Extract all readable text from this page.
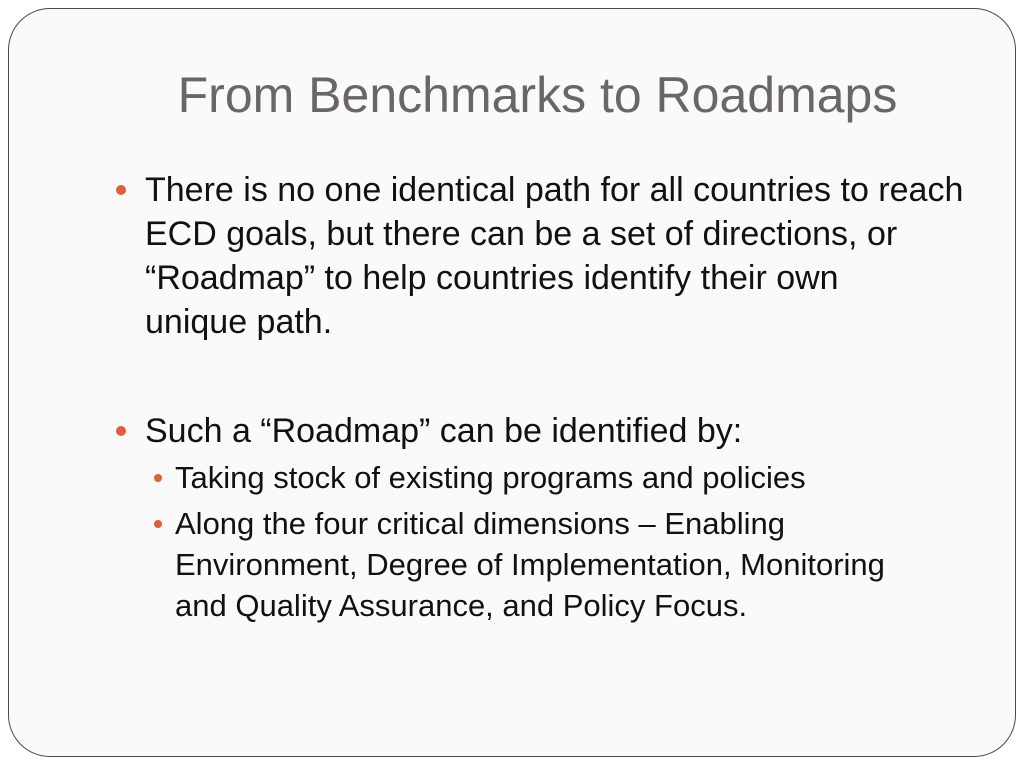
From Benchmarks to Roadmaps
There is no one identical path for all countries to reach
ECD goals, but there can be a set of directions, or
“Roadmap” to help countries identify their own
unique path.
Such a “Roadmap” can be identified by:
Taking stock of existing programs and policies
Along the four critical dimensions – Enabling
Environment, Degree of Implementation, Monitoring
and Quality Assurance, and Policy Focus.
